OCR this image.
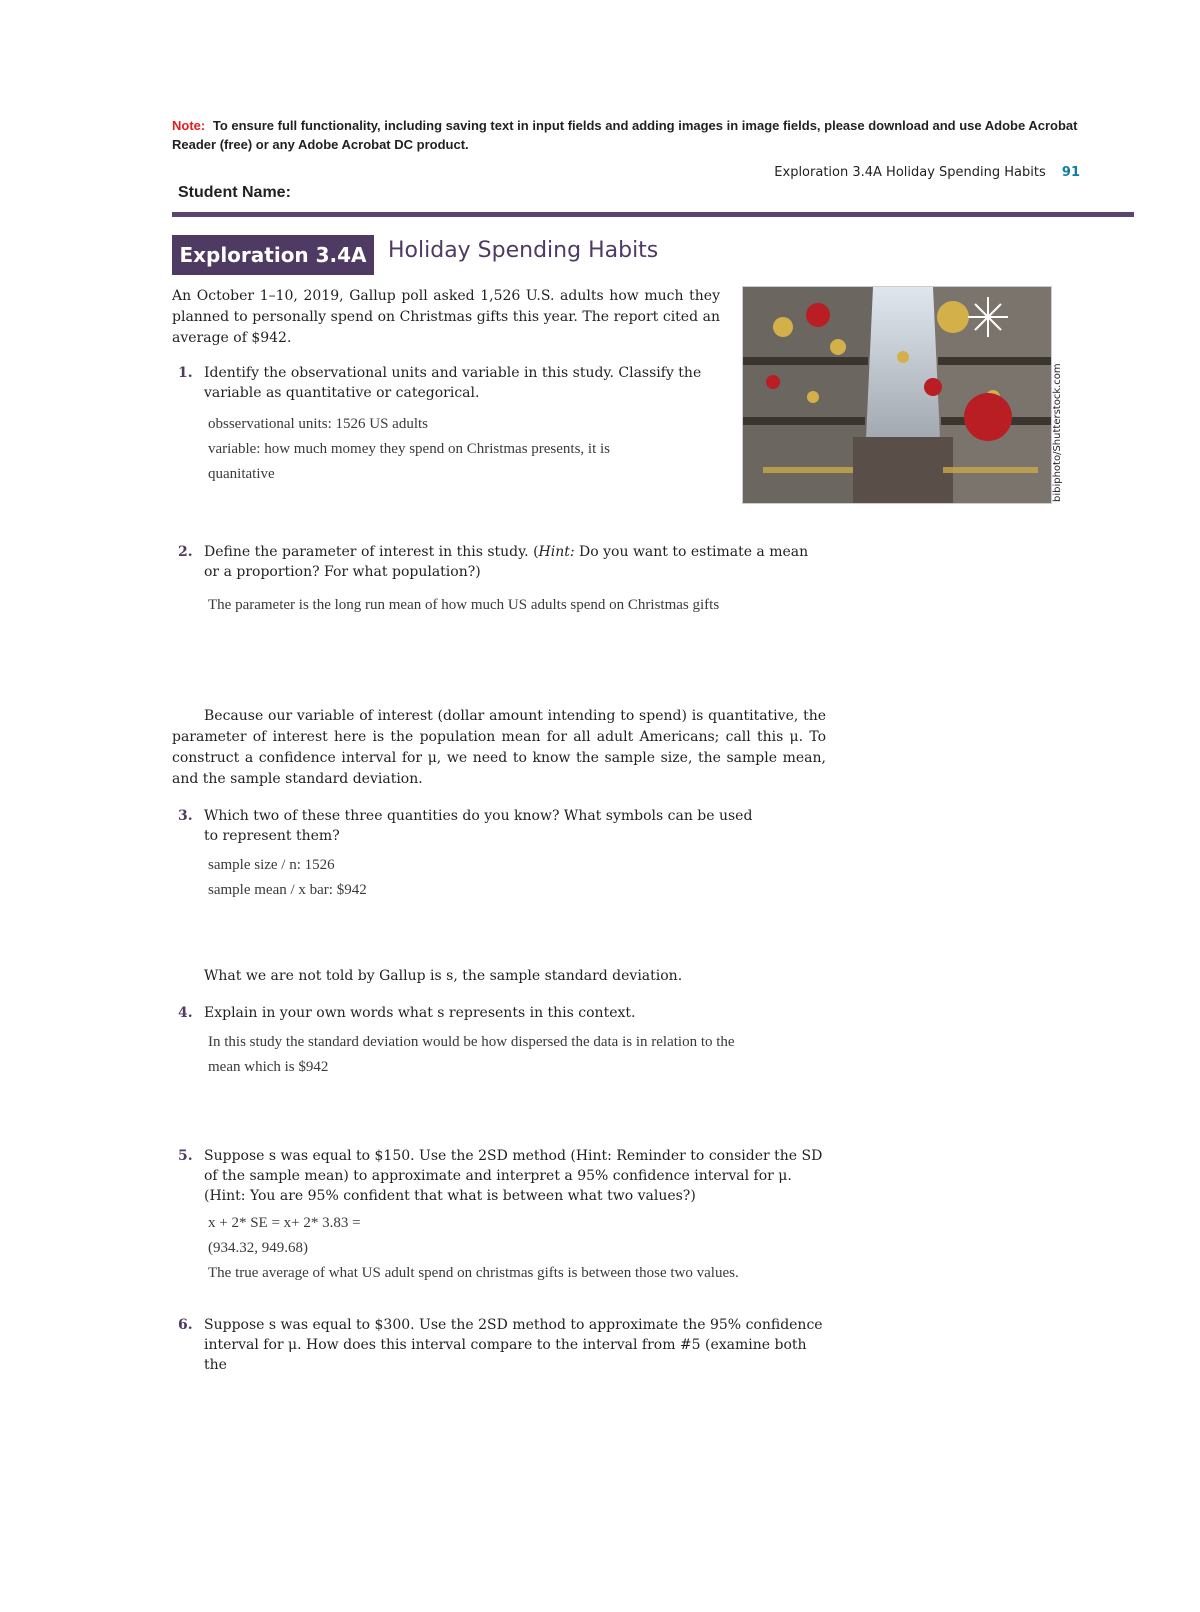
Note: To ensure full functionality, including saving text in input fields and adding images in image fields, please download and use Adobe Acrobat Reader (free) or any Adobe Acrobat DC product.
Exploration 3.4A Holiday Spending Habits 91
Student Name:
Exploration 3.4A Holiday Spending Habits
An October 1–10, 2019, Gallup poll asked 1,526 U.S. adults how much they planned to personally spend on Christmas gifts this year. The report cited an average of $942.
bibiphoto/Shutterstock.com
1. Identify the observational units and variable in this study. Classify the variable as quantitative or categorical.
obsservational units: 1526 US adults
variable: how much momey they spend on Christmas presents, it is
quanitative
2. Define the parameter of interest in this study. (Hint: Do you want to estimate a mean or a proportion? For what population?)
The parameter is the long run mean of how much US adults spend on Christmas gifts
Because our variable of interest (dollar amount intending to spend) is quantitative, the parameter of interest here is the population mean for all adult Americans; call this μ. To construct a confidence interval for μ, we need to know the sample size, the sample mean, and the sample standard deviation.
3. Which two of these three quantities do you know? What symbols can be used to represent them?
sample size / n: 1526
sample mean / x bar: $942
What we are not told by Gallup is s, the sample standard deviation.
4. Explain in your own words what s represents in this context.
In this study the standard deviation would be how dispersed the data is in relation to the
mean which is $942
5. Suppose s was equal to $150. Use the 2SD method (Hint: Reminder to consider the SD of the sample mean) to approximate and interpret a 95% confidence interval for μ. (Hint: You are 95% confident that what is between what two values?)
x + 2* SE = x+ 2* 3.83 =
(934.32, 949.68)
The true average of what US adult spend on christmas gifts is between those two values.
6. Suppose s was equal to $300. Use the 2SD method to approximate the 95% confidence interval for μ. How does this interval compare to the interval from #5 (examine both the
